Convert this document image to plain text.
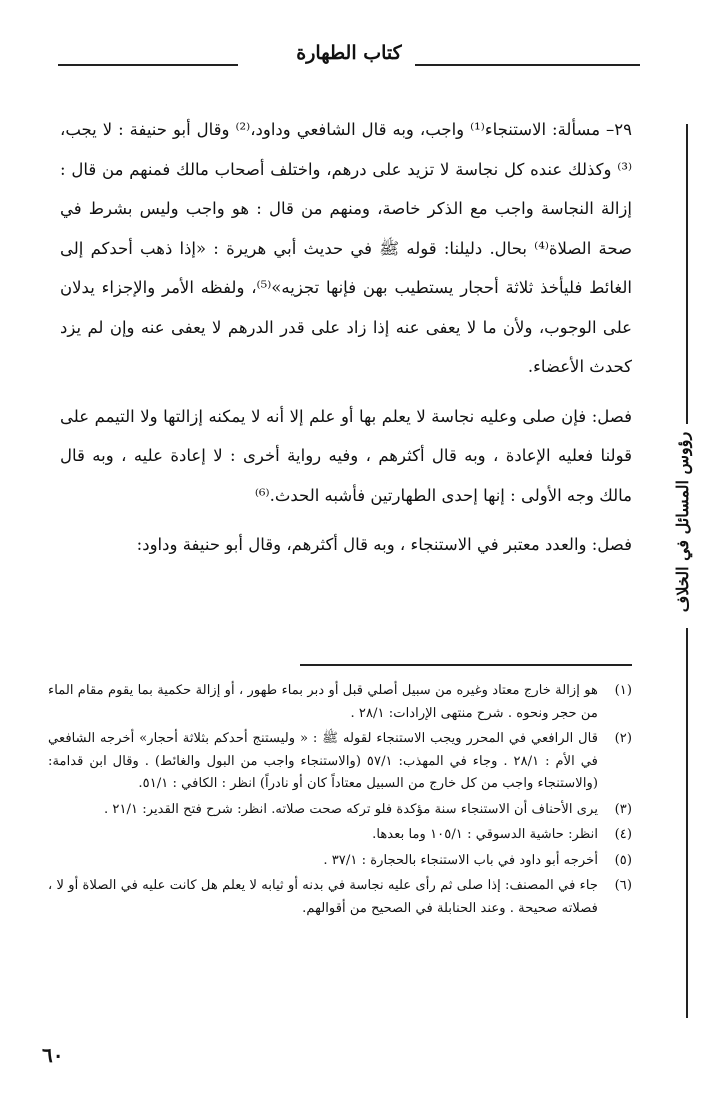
كتاب الطهارة
رؤوس المسائل في الخلاف

٢٩– مسألة: الاستنجاء⁽¹⁾ واجب، وبه قال الشافعي وداود،⁽²⁾ وقال أبو حنيفة : لا يجب،⁽³⁾ وكذلك عنده كل نجاسة لا تزيد على درهم، واختلف أصحاب مالك فمنهم من قال : إزالة النجاسة واجب مع الذكر خاصة، ومنهم من قال : هو واجب وليس بشرط في صحة الصلاة⁽⁴⁾ بحال. دليلنا: قوله ﷺ في حديث أبي هريرة : «إذا ذهب أحدكم إلى الغائط فليأخذ ثلاثة أحجار يستطيب بهن فإنها تجزيه»⁽⁵⁾، ولفظه الأمر والإجزاء يدلان على الوجوب، ولأن ما لا يعفى عنه إذا زاد على قدر الدرهم لا يعفى عنه وإن لم يزد كحدث الأعضاء.

فصل: فإن صلى وعليه نجاسة لا يعلم بها أو علم إلا أنه لا يمكنه إزالتها ولا التيمم على قولنا فعليه الإعادة ، وبه قال أكثرهم ، وفيه رواية أخرى : لا إعادة عليه ، وبه قال مالك وجه الأولى : إنها إحدى الطهارتين فأشبه الحدث.⁽⁶⁾

فصل: والعدد معتبر في الاستنجاء ، وبه قال أكثرهم، وقال أبو حنيفة وداود:

(١)
هو إزالة خارج معتاد وغيره من سبيل أصلي قبل أو دبر بماء طهور ، أو إزالة حكمية بما يقوم مقام الماء من حجر ونحوه . شرح منتهى الإرادات: ٢٨/١ .
(٢)
قال الرافعي في المحرر ويجب الاستنجاء لقوله ﷺ : « وليستنج أحدكم بثلاثة أحجار» أخرجه الشافعي في الأم : ٢٨/١ . وجاء في المهذب: ٥٧/١ (والاستنجاء واجب من البول والغائط) . وقال ابن قدامة: (والاستنجاء واجب من كل خارج من السبيل معتاداً كان أو نادراً) انظر : الكافي : ٥١/١.
(٣)
يرى الأحناف أن الاستنجاء سنة مؤكدة فلو تركه صحت صلاته. انظر: شرح فتح القدير: ٢١/١ .
(٤)
انظر: حاشية الدسوقي : ١٠٥/١ وما بعدها.
(٥)
أخرجه أبو داود في باب الاستنجاء بالحجارة : ٣٧/١ .
(٦)
جاء في المصنف: إذا صلى ثم رأى عليه نجاسة في بدنه أو ثيابه لا يعلم هل كانت عليه في الصلاة أو لا ، فصلاته صحيحة . وعند الحنابلة في الصحيح من أقوالهم.
٦٠
